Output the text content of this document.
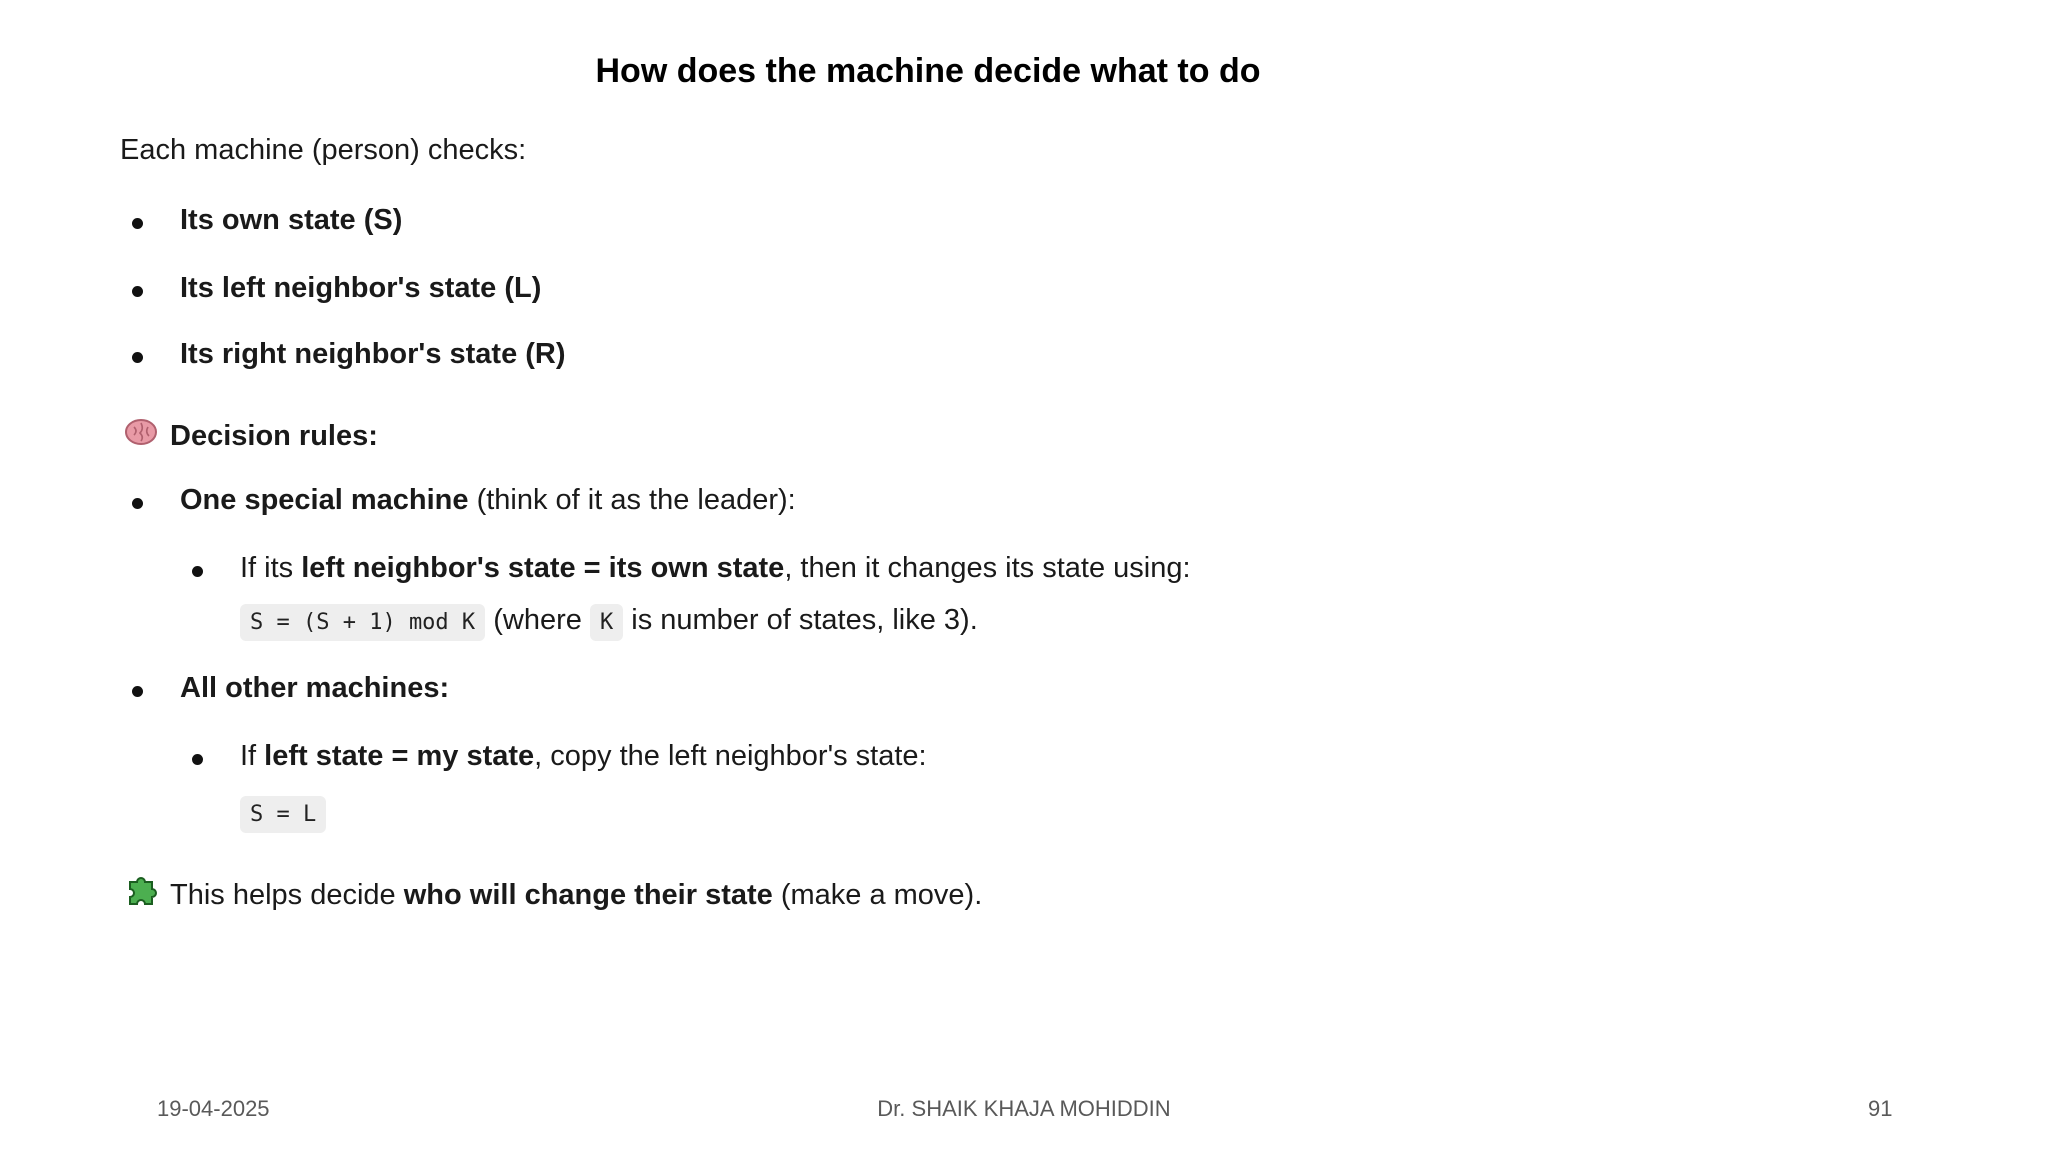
How does the machine decide what to do
Each machine (person) checks:
Its own state (S)
Its left neighbor's state (L)
Its right neighbor's state (R)
Decision rules:
One special machine (think of it as the leader):
If its left neighbor's state = its own state, then it changes its state using:
S = (S + 1) mod K (where K is number of states, like 3).
All other machines:
If left state = my state, copy the left neighbor's state:
S = L
This helps decide who will change their state (make a move).
19-04-2025	Dr. SHAIK KHAJA MOHIDDIN	91
